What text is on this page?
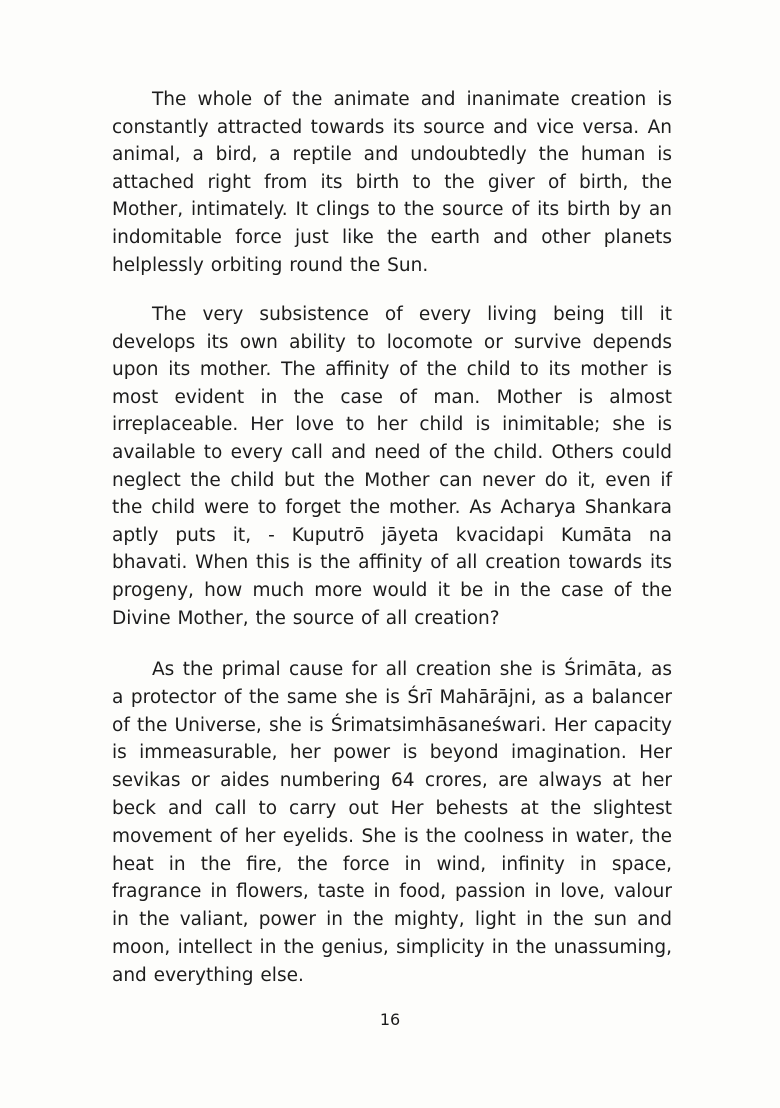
The whole of the animate and inanimate creation is constantly attracted towards its source and vice versa. An animal, a bird, a reptile and undoubtedly the human is attached right from its birth to the giver of birth, the Mother, intimately. It clings to the source of its birth by an indomitable force just like the earth and other planets helplessly orbiting round the Sun.

The very subsistence of every living being till it develops its own ability to locomote or survive depends upon its mother. The affinity of the child to its mother is most evident in the case of man. Mother is almost irreplaceable. Her love to her child is inimitable; she is available to every call and need of the child. Others could neglect the child but the Mother can never do it, even if the child were to forget the mother. As Acharya Shankara aptly puts it, - Kuputrō jāyeta kvacidapi Kumāta na bhavati. When this is the affinity of all creation towards its progeny, how much more would it be in the case of the Divine Mother, the source of all creation?

As the primal cause for all creation she is Śrimāta, as a protector of the same she is Śrī Mahārājni, as a balancer of the Universe, she is Śrimatsimhāsaneśwari. Her capacity is immeasurable, her power is beyond imagination. Her sevikas or aides numbering 64 crores, are always at her beck and call to carry out Her behests at the slightest movement of her eyelids. She is the coolness in water, the heat in the fire, the force in wind, infinity in space, fragrance in flowers, taste in food, passion in love, valour in the valiant, power in the mighty, light in the sun and moon, intellect in the genius, simplicity in the unassuming, and everything else.

16
